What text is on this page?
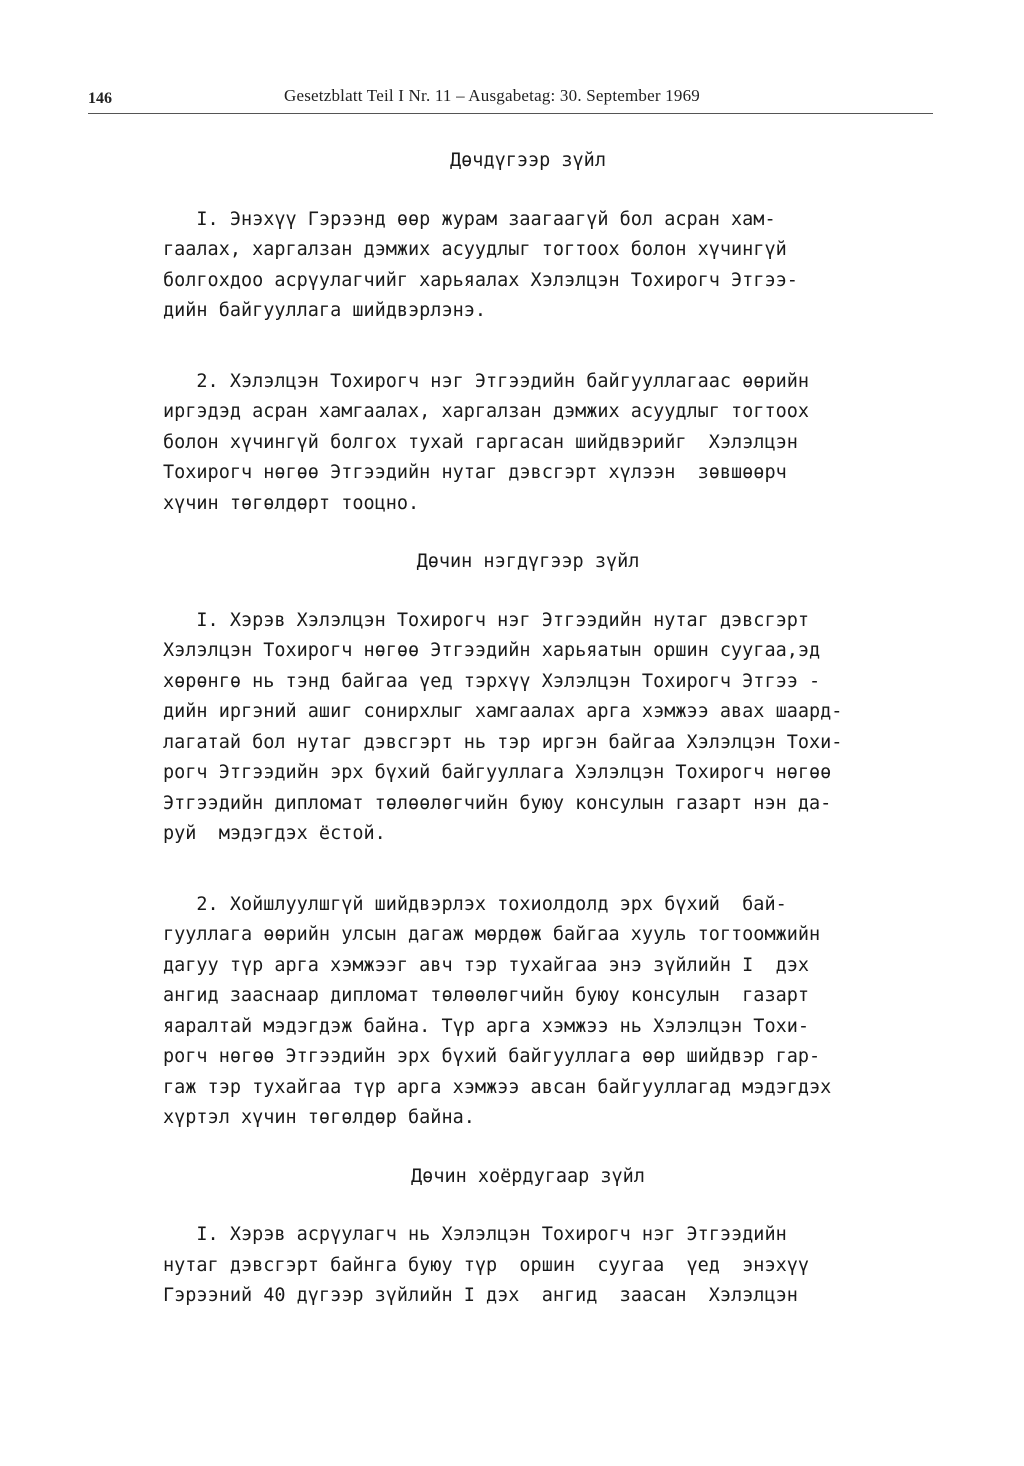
146	Gesetzblatt Teil I Nr. 11 – Ausgabetag: 30. September 1969
Дөчдүгээр зүйл

I. Энэхүү Гэрээнд өөр журам заагаагүй бол асран хам-
гаалах, харгалзан дэмжих асуудлыг тогтоох болон хүчингүй
болгохдоо асрүулагчийг харьяалах Хэлэлцэн Тохирогч Этгээ-
дийн байгууллага шийдвэрлэнэ.

2. Хэлэлцэн Тохирогч нэг Этгээдийн байгууллагаас өөрийн
иргэдэд асран хамгаалах, харгалзан дэмжих асуудлыг тогтоох
болон хүчингүй болгох тухай гаргасан шийдвэрийг  Хэлэлцэн
Тохирогч нөгөө Этгээдийн нутаг дэвсгэрт хүлээн  зөвшөөрч
хүчин төгөлдөрт тооцно.

Дөчин нэгдүгээр зүйл

I. Хэрэв Хэлэлцэн Тохирогч нэг Этгээдийн нутаг дэвсгэрт
Хэлэлцэн Тохирогч нөгөө Этгээдийн харьяатын оршин суугаа,эд
хөрөнгө нь тэнд байгаа үед тэрхүү Хэлэлцэн Тохирогч Этгээ -
дийн иргэний ашиг сонирхлыг хамгаалах арга хэмжээ авах шаард-
лагатай бол нутаг дэвсгэрт нь тэр иргэн байгаа Хэлэлцэн Тохи-
рогч Этгээдийн эрх бүхий байгууллага Хэлэлцэн Тохирогч нөгөө
Этгээдийн дипломат төлөөлөгчийн буюу консулын газарт нэн да-
руй  мэдэгдэх ёстой.

2. Хойшлуулшгүй шийдвэрлэх тохиолдолд эрх бүхий  бай-
гууллага өөрийн улсын дагаж мөрдөж байгаа хууль тогтоомжийн
дагуу түр арга хэмжээг авч тэр тухайгаа энэ зүйлийн I  дэх
ангид зааснаар дипломат төлөөлөгчийн буюу консулын  газарт
яаралтай мэдэгдэж байна. Түр арга хэмжээ нь Хэлэлцэн Тохи-
рогч нөгөө Этгээдийн эрх бүхий байгууллага өөр шийдвэр гар-
гаж тэр тухайгаа түр арга хэмжээ авсан байгууллагад мэдэгдэх
хүртэл хүчин төгөлдөр байна.

Дөчин хоёрдугаар зүйл

I. Хэрэв асрүулагч нь Хэлэлцэн Тохирогч нэг Этгээдийн
нутаг дэвсгэрт байнга буюу түр  оршин  суугаа  үед  энэхүү
Гэрээний 40 дүгээр зүйлийн I дэх  ангид  заасан  Хэлэлцэн
